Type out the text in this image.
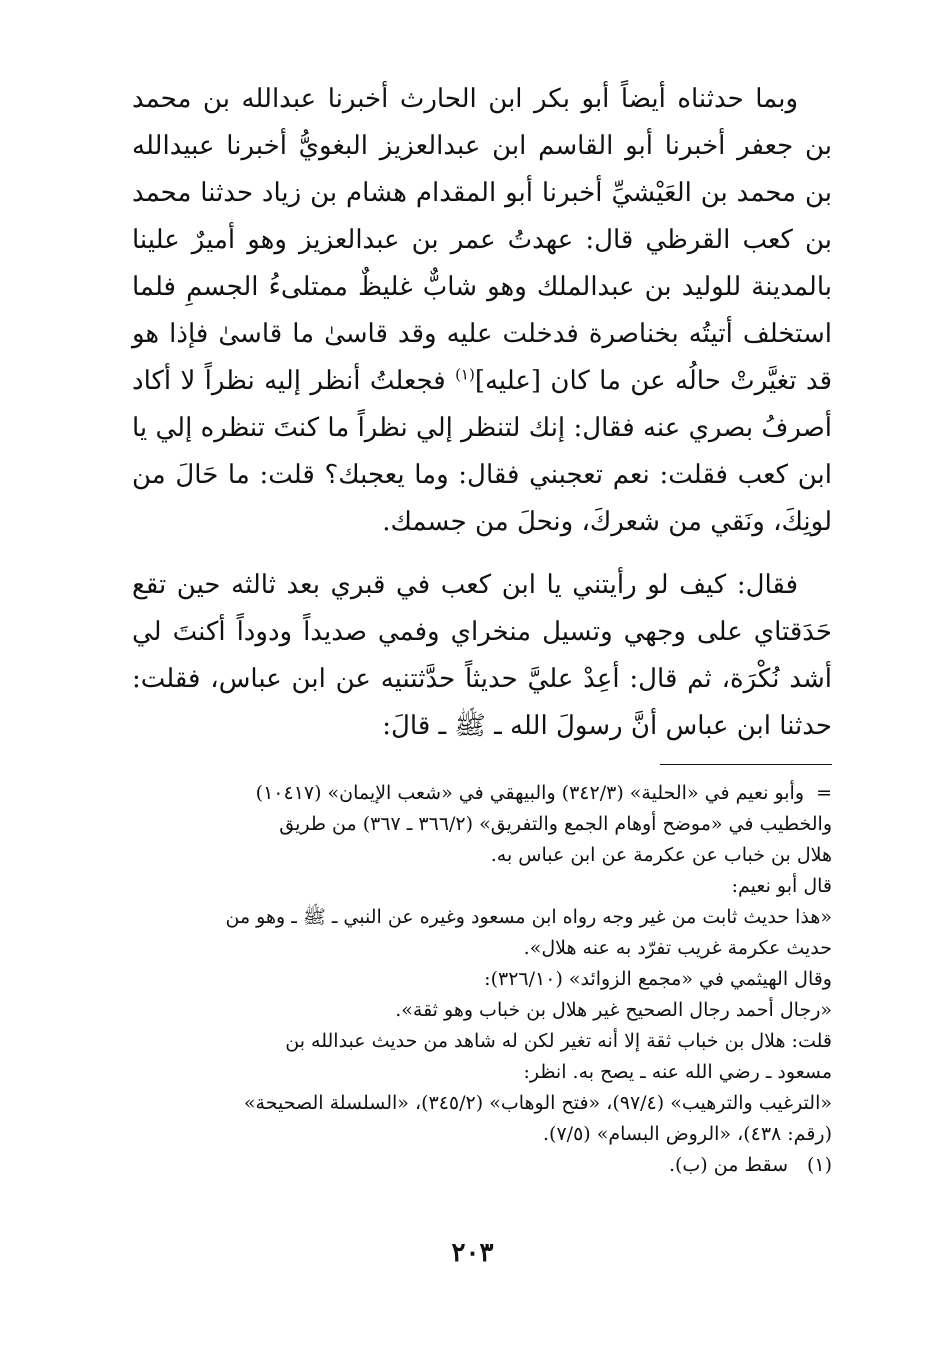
وبما حدثناه أيضاً أبو بكر ابن الحارث أخبرنا عبدالله بن محمد بن جعفر أخبرنا أبو القاسم ابن عبدالعزيز البغويُّ أخبرنا عبيدالله بن محمد بن العَيْشيِّ أخبرنا أبو المقدام هشام بن زياد حدثنا محمد بن كعب القرظي قال: عهدتُ عمر بن عبدالعزيز وهو أميرٌ علينا بالمدينة للوليد بن عبدالملك وهو شابٌّ غليظٌ ممتلىءُ الجسمِ فلما استخلف أتيتُه بخناصرة فدخلت عليه وقد قاسىٰ ما قاسىٰ فإذا هو قد تغيَّرتْ حالُه عن ما كان [عليه]$^{(١)}$ فجعلتُ أنظر إليه نظراً لا أكاد أصرفُ بصري عنه فقال: إنك لتنظر إلي نظراً ما كنتَ تنظره إلي يا ابن كعب فقلت: نعم تعجبني فقال: وما يعجبك؟ قلت: ما حَالَ من لونِكَ، ونَقي من شعركَ، ونحلَ من جسمك.
فقال: كيف لو رأيتني يا ابن كعب في قبري بعد ثالثه حين تقع حَدَقتاي على وجهي وتسيل منخراي وفمي صديداً ودوداً أكنتَ لي أشد نُكْرَة، ثم قال: أعِدْ عليَّ حديثاً حدَّثتنيه عن ابن عباس، فقلت: حدثنا ابن عباس أنَّ رسولَ الله ـ ﷺ ـ قالَ:
=وأبو نعيم في «الحلية» (٣٤٢/٣) والبيهقي في «شعب الإيمان» (١٠٤١٧)
والخطيب في «موضح أوهام الجمع والتفريق» (٣٦٦/٢ ـ ٣٦٧) من طريق
هلال بن خباب عن عكرمة عن ابن عباس به.
قال أبو نعيم:
«هذا حديث ثابت من غير وجه رواه ابن مسعود وغيره عن النبي ـ ﷺ ـ وهو من
حديث عكرمة غريب تفرّد به عنه هلال».
وقال الهيثمي في «مجمع الزوائد» (٣٢٦/١٠):
«رجال أحمد رجال الصحيح غير هلال بن خباب وهو ثقة».
قلت: هلال بن خباب ثقة إلا أنه تغير لكن له شاهد من حديث عبدالله بن
مسعود ـ رضي الله عنه ـ يصح به. انظر:
«الترغيب والترهيب» (٩٧/٤)، «فتح الوهاب» (٣٤٥/٢)، «السلسلة الصحيحة»
(رقم: ٤٣٨)، «الروض البسام» (٧/٥).
(١)سقط من (ب).
٢٠٣
